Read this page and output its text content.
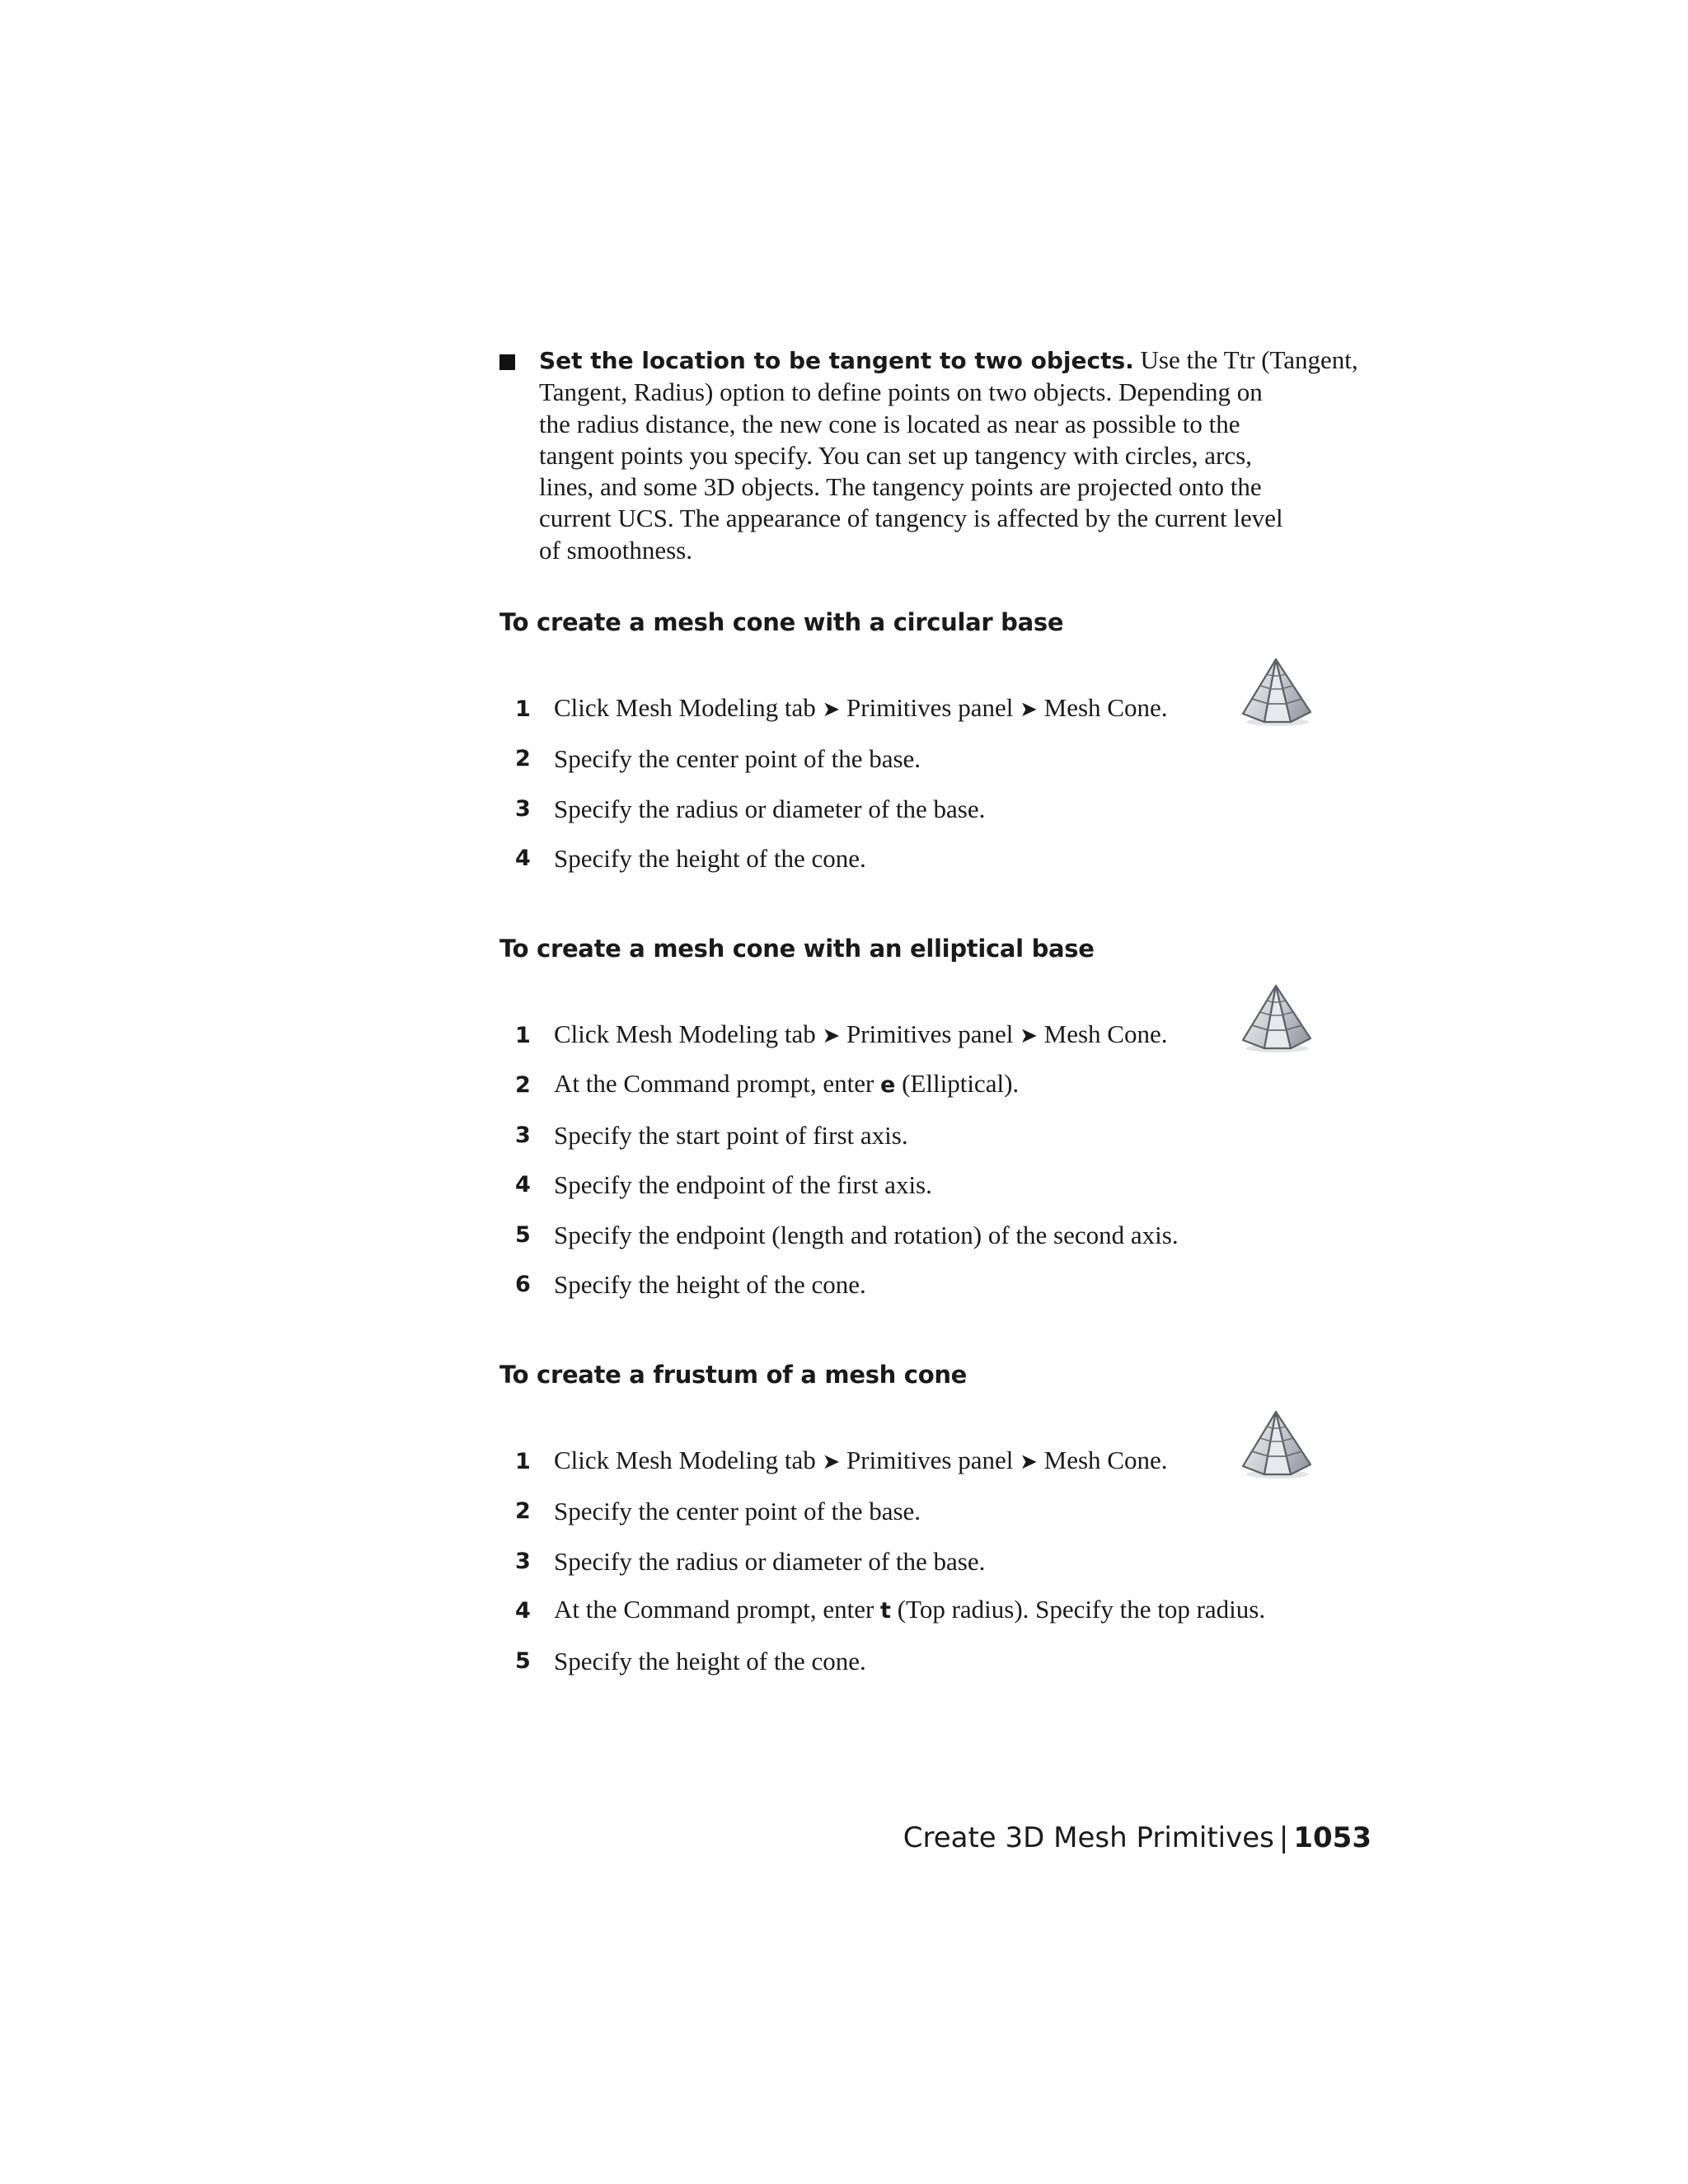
Set the location to be tangent to two objects. Use the Ttr (Tangent,
Tangent, Radius) option to define points on two objects. Depending on
the radius distance, the new cone is located as near as possible to the
tangent points you specify. You can set up tangency with circles, arcs,
lines, and some 3D objects. The tangency points are projected onto the
current UCS. The appearance of tangency is affected by the current level
of smoothness.

To create a mesh cone with a circular base
1 Click Mesh Modeling tab ➤ Primitives panel ➤ Mesh Cone.
2 Specify the center point of the base.
3 Specify the radius or diameter of the base.
4 Specify the height of the cone.
To create a mesh cone with an elliptical base
1 Click Mesh Modeling tab ➤ Primitives panel ➤ Mesh Cone.
2 At the Command prompt, enter e (Elliptical).
3 Specify the start point of first axis.
4 Specify the endpoint of the first axis.
5 Specify the endpoint (length and rotation) of the second axis.
6 Specify the height of the cone.
To create a frustum of a mesh cone
1 Click Mesh Modeling tab ➤ Primitives panel ➤ Mesh Cone.
2 Specify the center point of the base.
3 Specify the radius or diameter of the base.
4 At the Command prompt, enter t (Top radius). Specify the top radius.
5 Specify the height of the cone.
Create 3D Mesh Primitives | 1053
